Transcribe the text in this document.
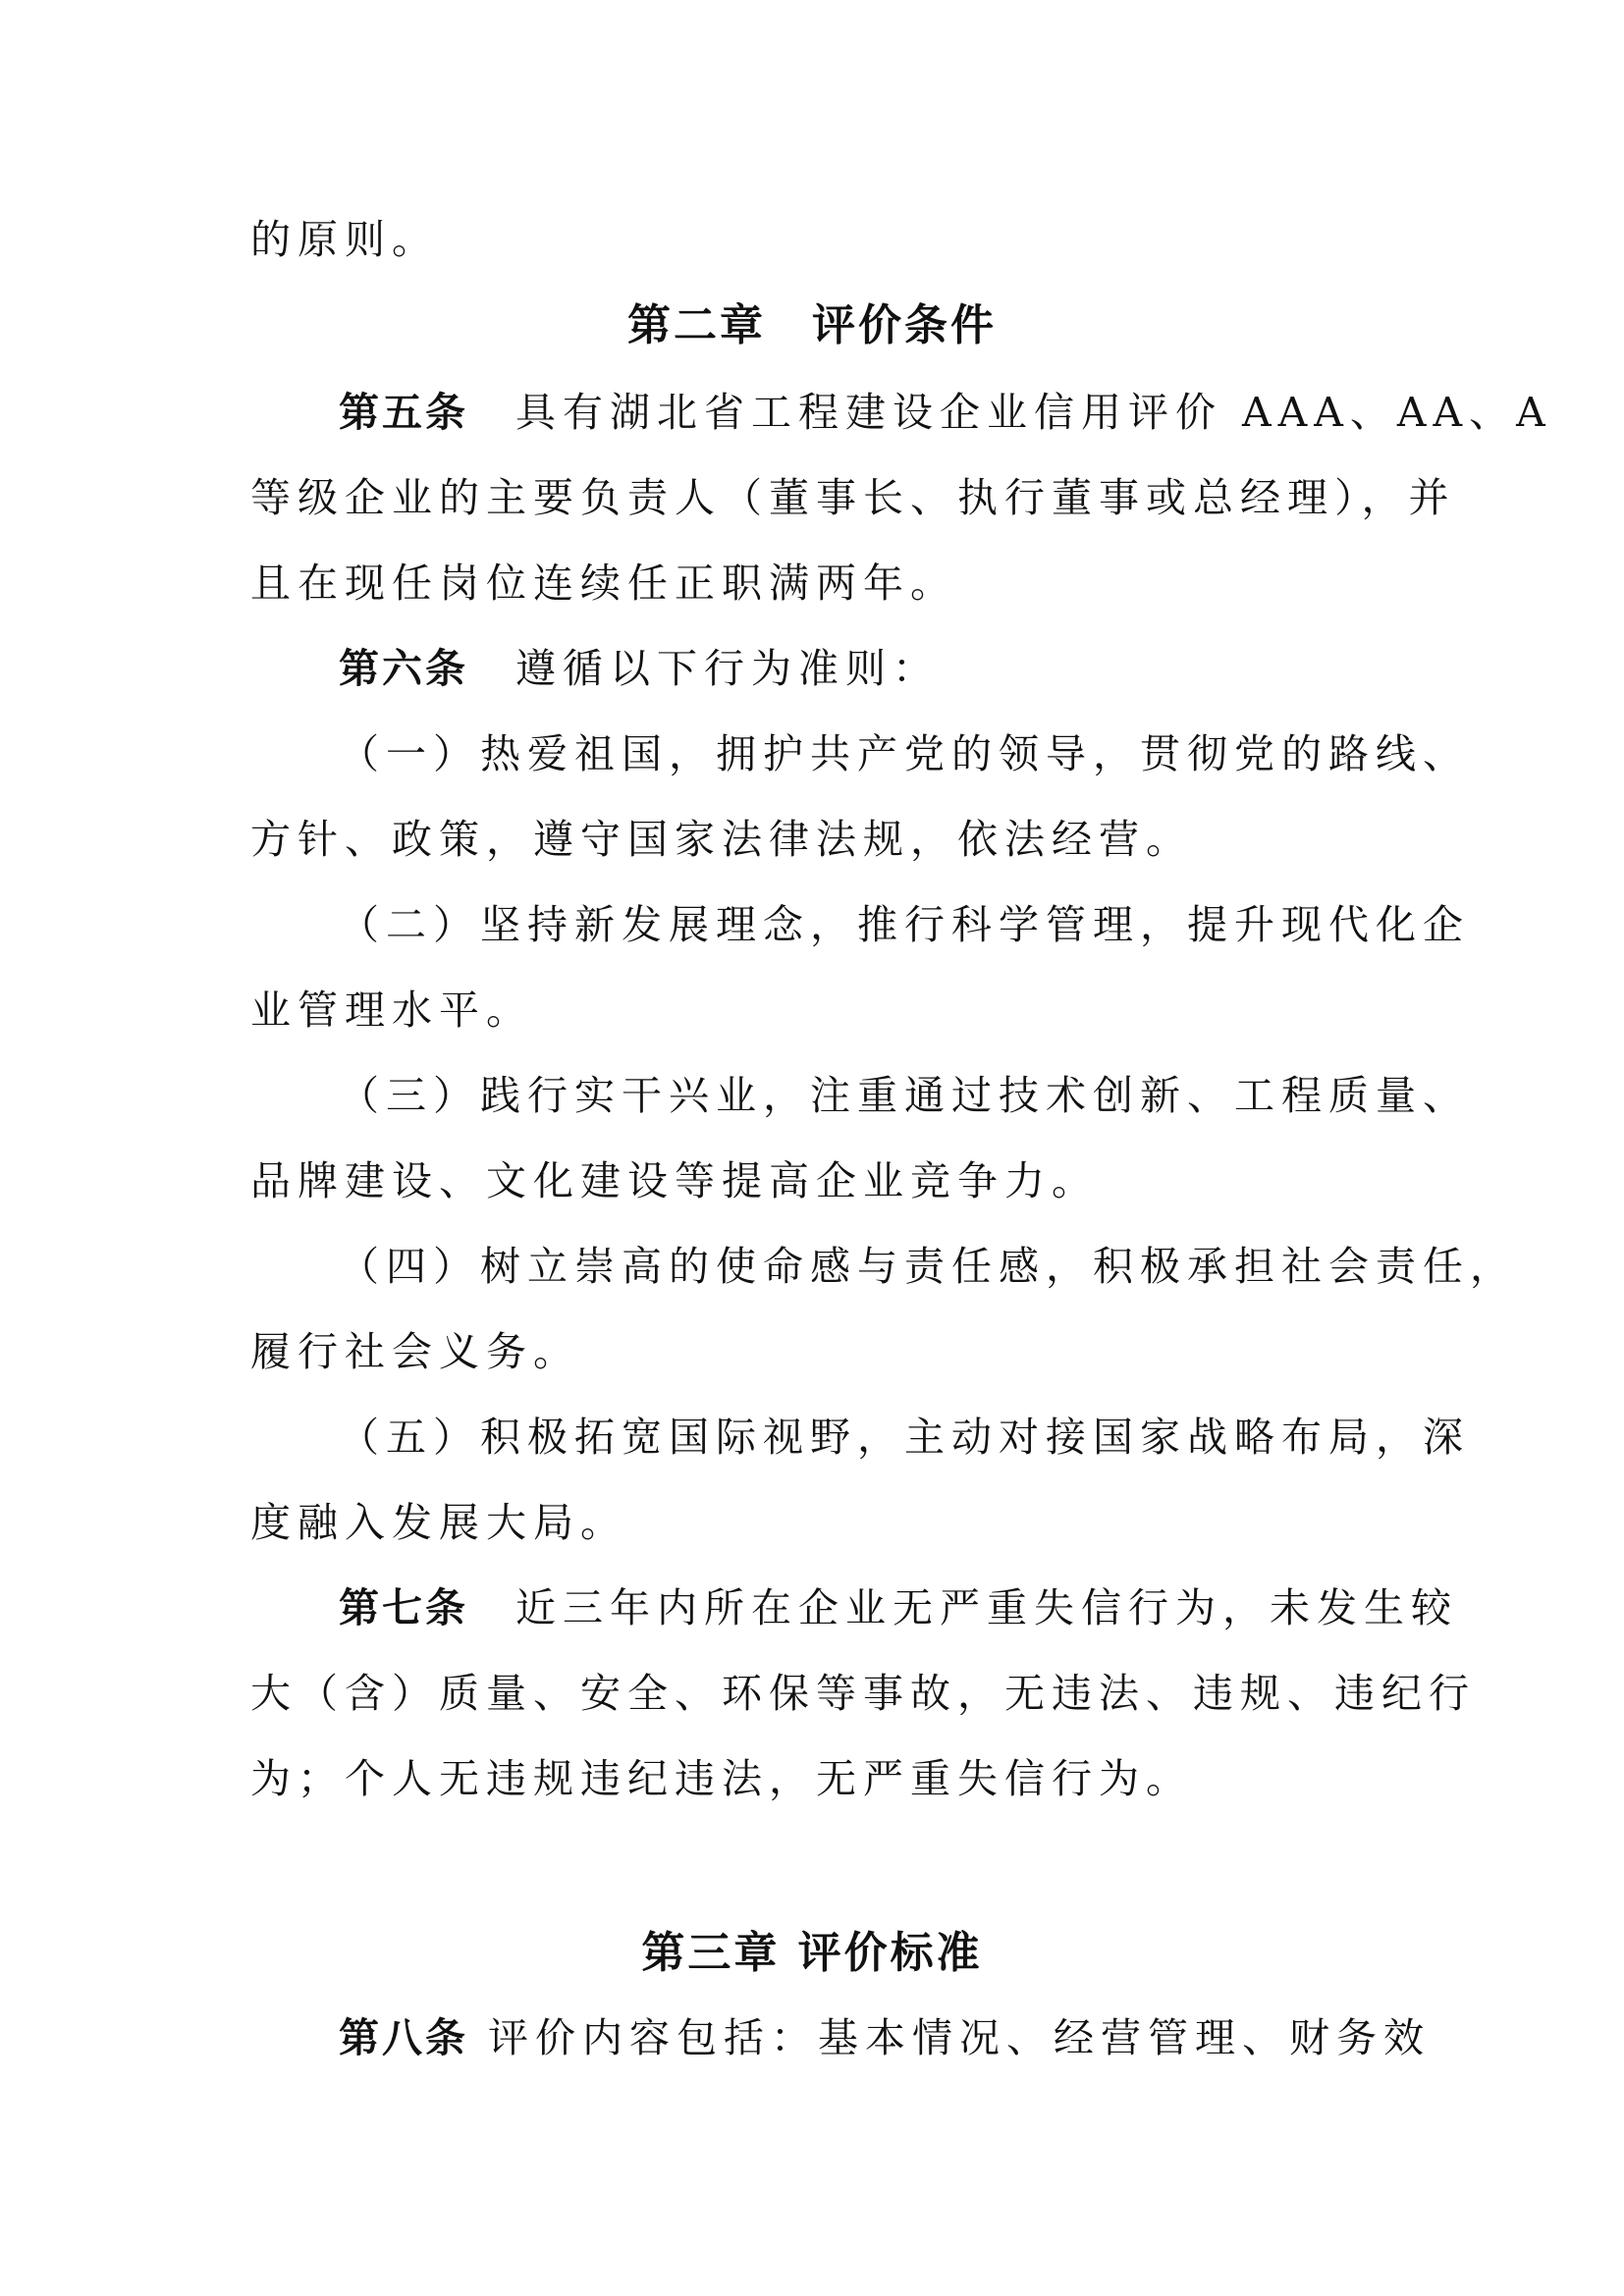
的原则。
第二章　评价条件
第五条　 具有湖北省工程建设企业信用评价 AAA、AA、A
等级企业的主要负责人（董事长、执行董事或总经理），并
且在现任岗位连续任正职满两年。
第六条　 遵循以下行为准则：
（一）热爱祖国，拥护共产党的领导，贯彻党的路线、
方针、政策，遵守国家法律法规，依法经营。
（二）坚持新发展理念，推行科学管理，提升现代化企
业管理水平。
（三）践行实干兴业，注重通过技术创新、工程质量、
品牌建设、文化建设等提高企业竞争力。
（四）树立崇高的使命感与责任感，积极承担社会责任，
履行社会义务。
（五）积极拓宽国际视野，主动对接国家战略布局，深
度融入发展大局。
第七条　 近三年内所在企业无严重失信行为，未发生较
大（含）质量、安全、环保等事故，无违法、违规、违纪行
为；个人无违规违纪违法，无严重失信行为。
第三章 评价标准
第八条 评价内容包括：基本情况、经营管理、财务效
